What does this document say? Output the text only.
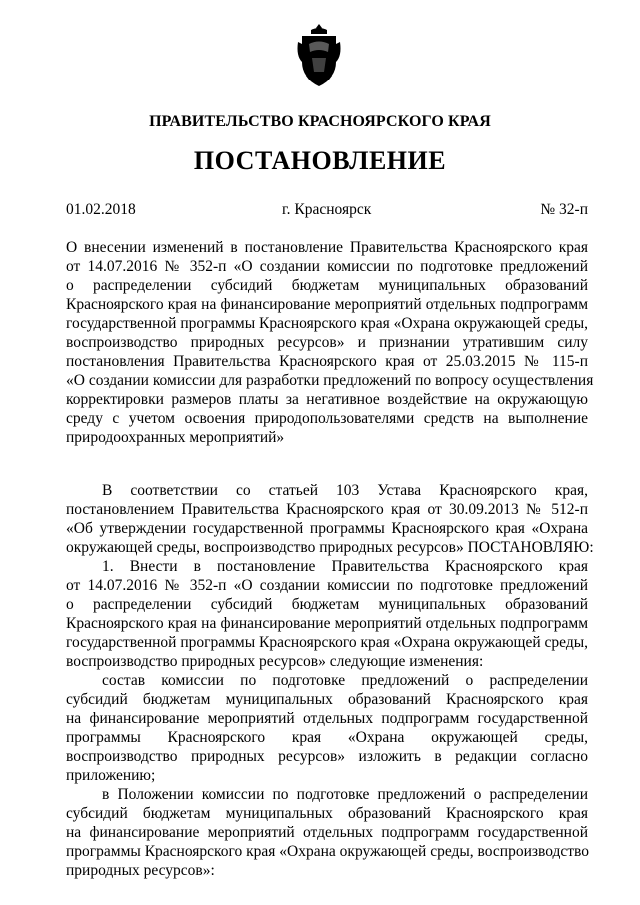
ПРАВИТЕЛЬСТВО КРАСНОЯРСКОГО КРАЯ
ПОСТАНОВЛЕНИЕ
01.02.2018	г. Красноярск	№ 32-п
О внесении изменений в постановление Правительства Красноярского края
от 14.07.2016 № 352-п «О создании комиссии по подготовке предложений
о распределении субсидий бюджетам муниципальных образований
Красноярского края на финансирование мероприятий отдельных подпрограмм
государственной программы Красноярского края «Охрана окружающей среды,
воспроизводство природных ресурсов» и признании утратившим силу
постановления Правительства Красноярского края от 25.03.2015 № 115-п
«О создании комиссии для разработки предложений по вопросу осуществления
корректировки размеров платы за негативное воздействие на окружающую
среду с учетом освоения природопользователями средств на выполнение
природоохранных мероприятий»
В соответствии со статьей 103 Устава Красноярского края,
постановлением Правительства Красноярского края от 30.09.2013 № 512-п
«Об утверждении государственной программы Красноярского края «Охрана
окружающей среды, воспроизводство природных ресурсов» ПОСТАНОВЛЯЮ:
1. Внести в постановление Правительства Красноярского края
от 14.07.2016 № 352-п «О создании комиссии по подготовке предложений
о распределении субсидий бюджетам муниципальных образований
Красноярского края на финансирование мероприятий отдельных подпрограмм
государственной программы Красноярского края «Охрана окружающей среды,
воспроизводство природных ресурсов» следующие изменения:
состав комиссии по подготовке предложений о распределении
субсидий бюджетам муниципальных образований Красноярского края
на финансирование мероприятий отдельных подпрограмм государственной
программы Красноярского края «Охрана окружающей среды,
воспроизводство природных ресурсов» изложить в редакции согласно
приложению;
в Положении комиссии по подготовке предложений о распределении
субсидий бюджетам муниципальных образований Красноярского края
на финансирование мероприятий отдельных подпрограмм государственной
программы Красноярского края «Охрана окружающей среды, воспроизводство
природных ресурсов»:
